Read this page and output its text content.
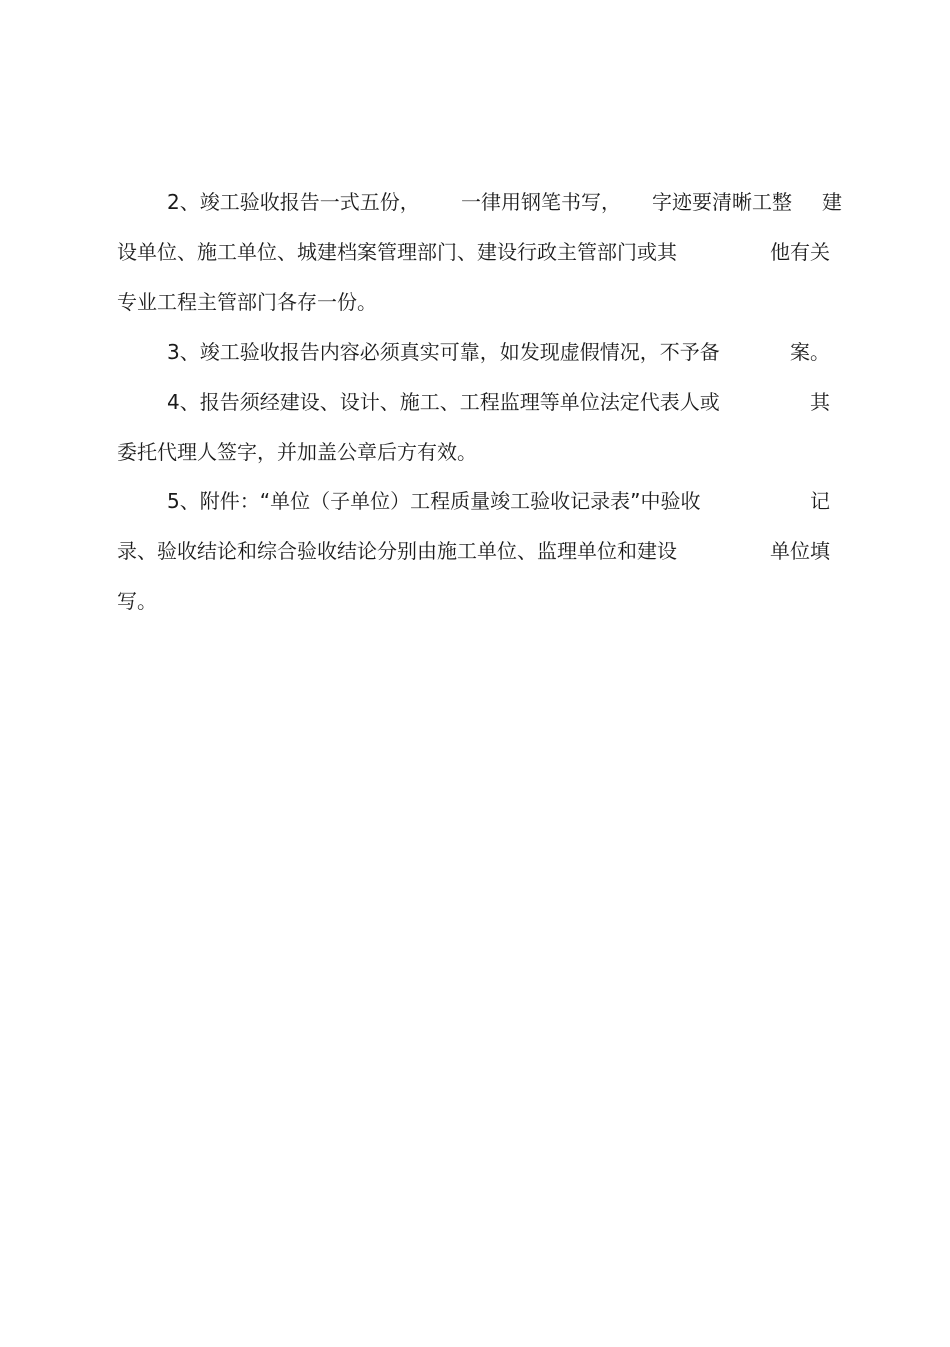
2、竣工验收报告一式五份， 一律用钢笔书写， 字迹要清晰工整 建
设单位、施工单位、城建档案管理部门、建设行政主管部门或其	他有关
专业工程主管部门各存一份。
3、竣工验收报告内容必须真实可靠，如发现虚假情况，不予备	案。
4、报告须经建设、设计、施工、工程监理等单位法定代表人或	其
委托代理人签字，并加盖公章后方有效。
5、附件：“单位（子单位）工程质量竣工验收记录表”中验收	记
录、验收结论和综合验收结论分别由施工单位、监理单位和建设	单位填
写。
